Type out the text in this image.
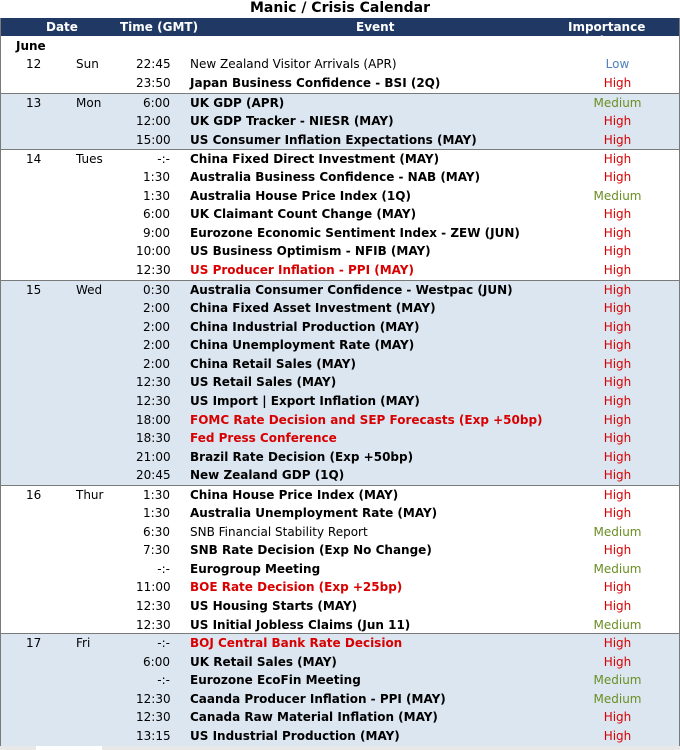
Manic / Crisis Calendar
Date	Time (GMT)	Event	Importance Level
June
12	Sun	22:45 New Zealand Visitor Arrivals (APR)	Low
23:50 Japan Business Confidence - BSI (2Q)	High
13	Mon	6:00 UK GDP (APR)	Medium
12:00 UK GDP Tracker - NIESR (MAY)	High
15:00 US Consumer Inflation Expectations (MAY)	High
14	Tues	-:- China Fixed Direct Investment (MAY)	High
1:30 Australia Business Confidence - NAB (MAY)	High
1:30 Australia House Price Index (1Q)	Medium
6:00 UK Claimant Count Change (MAY)	High
9:00 Eurozone Economic Sentiment Index - ZEW (JUN)	High
10:00 US Business Optimism - NFIB (MAY)	High
12:30 US Producer Inflation - PPI (MAY)	High
15	Wed	0:30 Australia Consumer Confidence - Westpac (JUN)	High
2:00 China Fixed Asset Investment (MAY)	High
2:00 China Industrial Production (MAY)	High
2:00 China Unemployment Rate (MAY)	High
2:00 China Retail Sales (MAY)	High
12:30 US Retail Sales (MAY)	High
12:30 US Import | Export Inflation (MAY)	High
18:00 FOMC Rate Decision and SEP Forecasts (Exp +50bp)	High
18:30 Fed Press Conference	High
21:00 Brazil Rate Decision (Exp +50bp)	High
20:45 New Zealand GDP (1Q)	High
16	Thur	1:30 China House Price Index (MAY)	High
1:30 Australia Unemployment Rate (MAY)	High
6:30 SNB Financial Stability Report	Medium
7:30 SNB Rate Decision (Exp No Change)	High
-:- Eurogroup Meeting	Medium
11:00 BOE Rate Decision (Exp +25bp)	High
12:30 US Housing Starts (MAY)	High
12:30 US Initial Jobless Claims (Jun 11)	Medium
17	Fri	-:- BOJ Central Bank Rate Decision	High
6:00 UK Retail Sales (MAY)	High
-:- Eurozone EcoFin Meeting	Medium
12:30 Caanda Producer Inflation - PPI (MAY)	Medium
12:30 Canada Raw Material Inflation (MAY)	High
13:15 US Industrial Production (MAY)	High
